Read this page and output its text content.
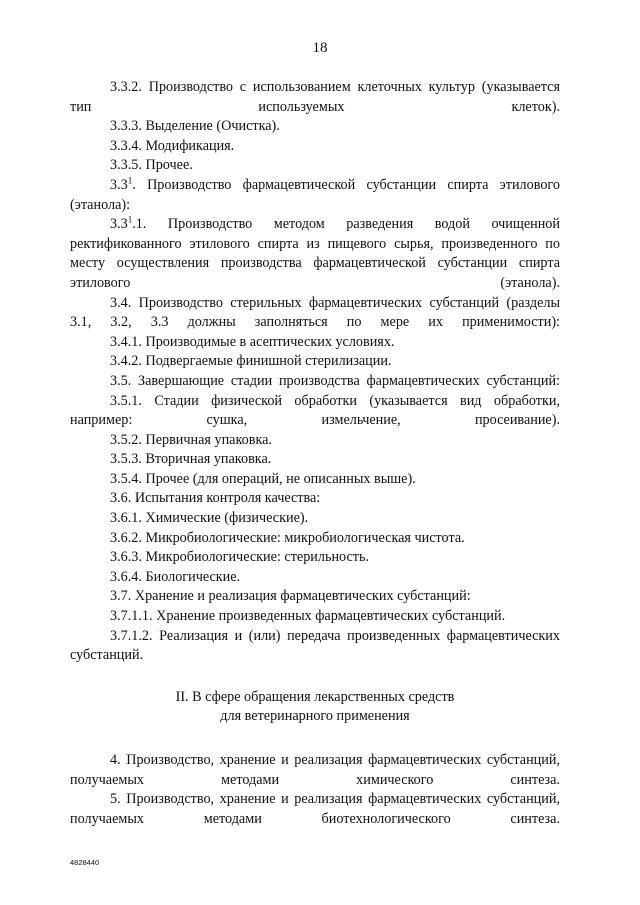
18

3.3.2. Производство с использованием клеточных культур (указывается тип используемых клеток).

3.3.3. Выделение (Очистка).

3.3.4. Модификация.

3.3.5. Прочее.

$3.3^1$. Производство фармацевтической субстанции спирта этилового (этанола):

$3.3^1.1$. Производство методом разведения водой очищенной ректификованного этилового спирта из пищевого сырья, произведенного по месту осуществления производства фармацевтической субстанции спирта этилового (этанола).

3.4. Производство стерильных фармацевтических субстанций (разделы 3.1, 3.2, 3.3 должны заполняться по мере их применимости):

3.4.1. Производимые в асептических условиях.

3.4.2. Подвергаемые финишной стерилизации.

3.5. Завершающие стадии производства фармацевтических субстанций:

3.5.1. Стадии физической обработки (указывается вид обработки, например: сушка, измельчение, просеивание).

3.5.2. Первичная упаковка.

3.5.3. Вторичная упаковка.

3.5.4. Прочее (для операций, не описанных выше).

3.6. Испытания контроля качества:

3.6.1. Химические (физические).

3.6.2. Микробиологические: микробиологическая чистота.

3.6.3. Микробиологические: стерильность.

3.6.4. Биологические.

3.7. Хранение и реализация фармацевтических субстанций:

3.7.1.1. Хранение произведенных фармацевтических субстанций.

3.7.1.2. Реализация и (или) передача произведенных фармацевтических субстанций.

II. В сфере обращения лекарственных средств
для ветеринарного применения

4. Производство, хранение и реализация фармацевтических субстанций, получаемых методами химического синтеза.

5. Производство, хранение и реализация фармацевтических субстанций, получаемых методами биотехнологического синтеза.

4828440
